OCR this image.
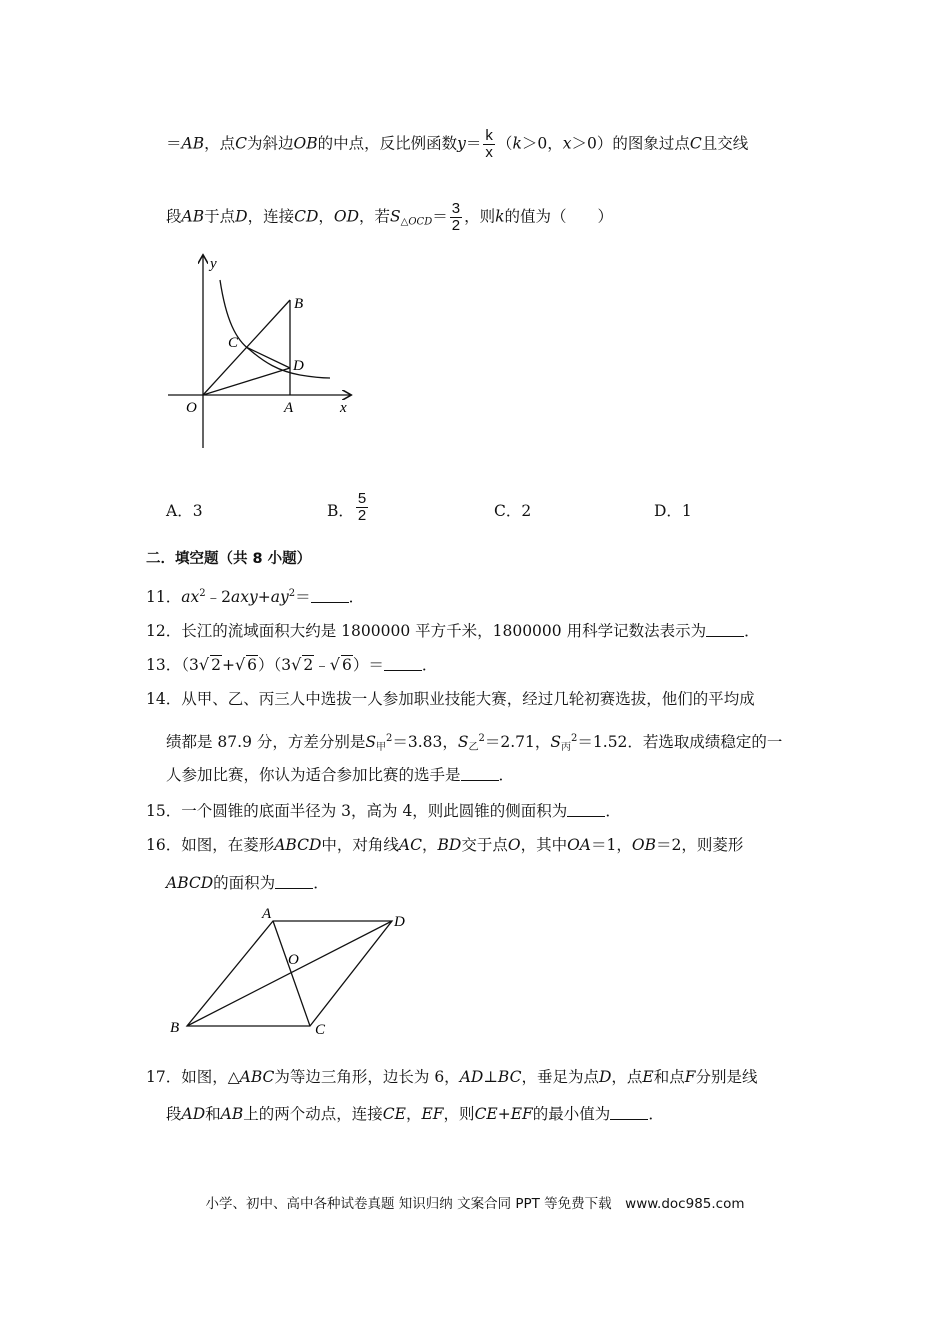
＝AB，点C为斜边OB的中点，反比例函数$y= \frac{k}{x} (k>0$，x＞0）的图象过点C且交线
段AB于点D，连接CD，OD，若$S_{\triangle OCD}= \frac{3}{2}$ ，则k的值为（　　）
y
B
C
D
O	A	x
A．3	B． $\frac{5}{2}$	C．2	D．1
二．填空题（共 8 小题）
11．$ax^2﹣2axy+ay^2=$ ．
12．长江的流域面积大约是 1800000 平方千米，1800000 用科学记数法表示为 ．
13．（3√ 2+√ 6）（3√ 2﹣√ 6）＝ ．
14．从甲、乙、丙三人中选拔一人参加职业技能大赛，经过几轮初赛选拔，他们的平均成
绩都是 87.9 分，方差分别是$S_甲^2=3.83$，$S_乙^2=2.71$，$S_丙^2=1.52$．若选取成绩稳定的一
人参加比赛，你认为适合参加比赛的选手是 ．
15．一个圆锥的底面半径为 3，高为 4，则此圆锥的侧面积为 ．
16．如图，在菱形ABCD中，对角线AC，BD交于点O，其中OA＝1，OB＝2，则菱形
ABCD的面积为 ．
A	D
O
B	C
17．如图，△ABC为等边三角形，边长为 6，AD⊥BC，垂足为点D，点E和点F分别是线
段AD和AB上的两个动点，连接CE，EF，则CE+EF的最小值为 ．
小学、初中、高中各种试卷真题 知识归纳 文案合同 PPT 等免费下载　www.doc985.com
